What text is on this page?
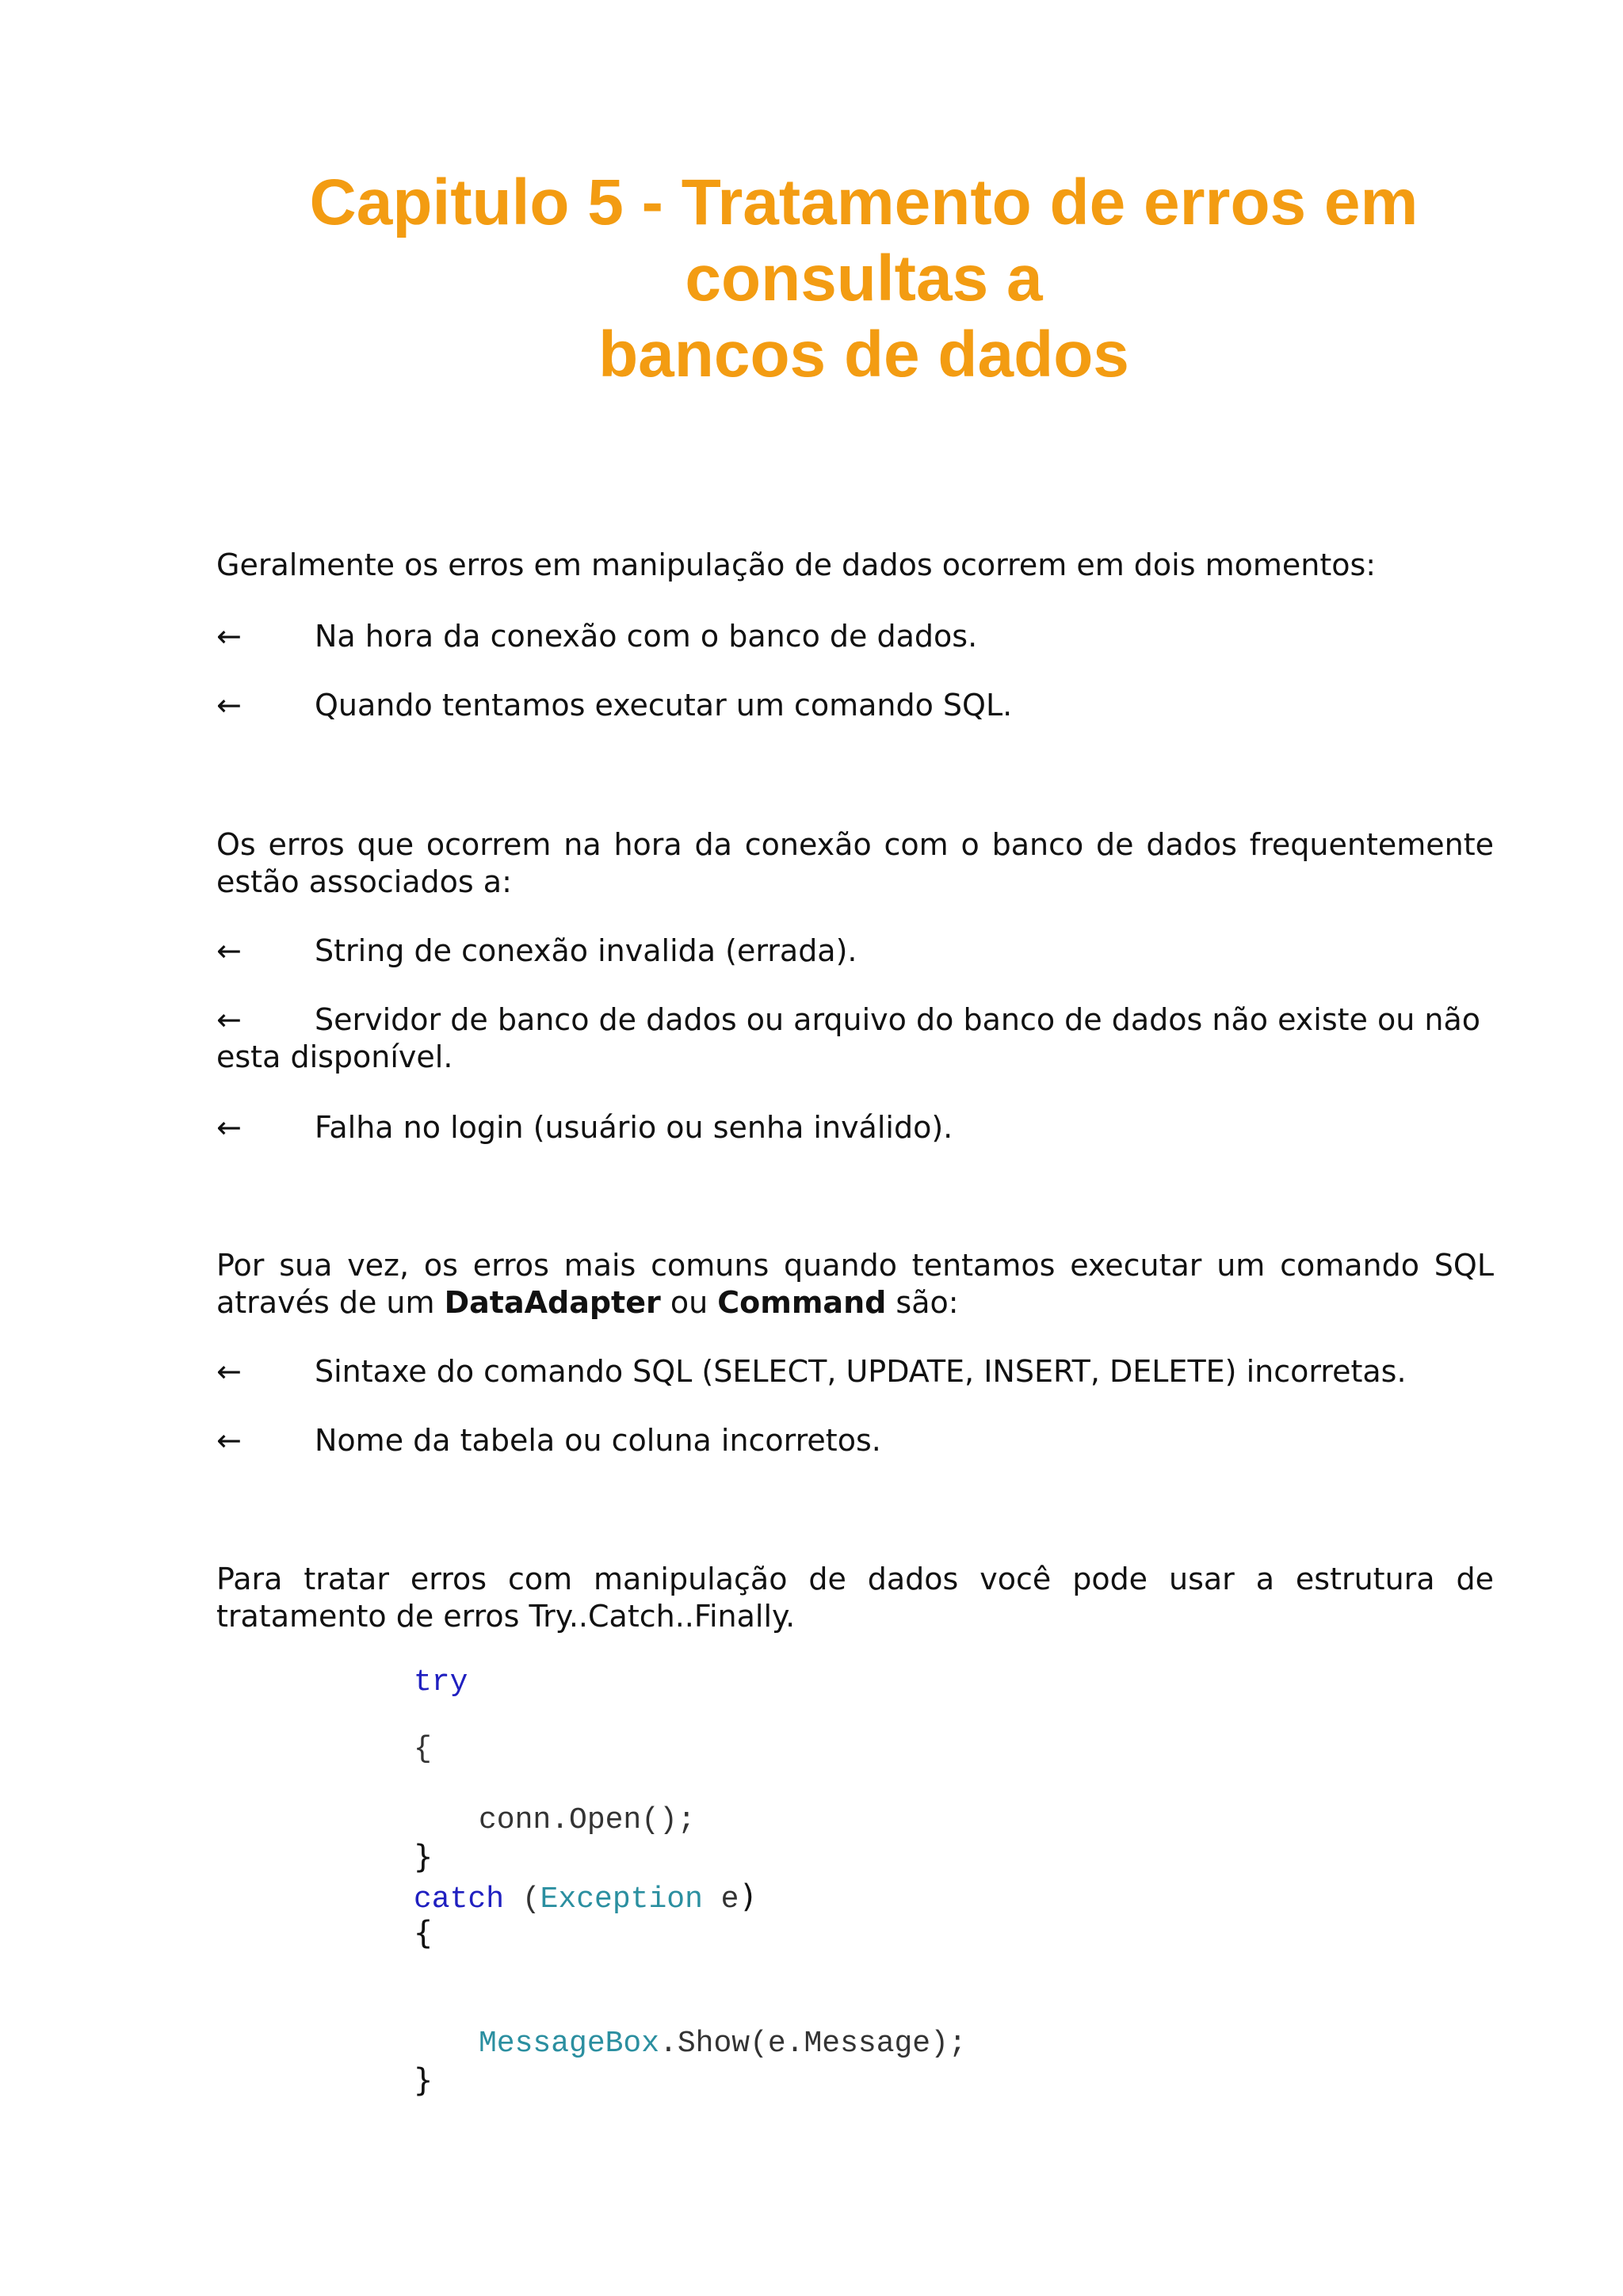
Capitulo 5 - Tratamento de erros em
consultas a
bancos de dados

Geralmente os erros em manipulação de dados ocorrem em dois momentos:

← Na hora da conexão com o banco de dados.
← Quando tentamos executar um comando SQL.

Os erros que ocorrem na hora da conexão com o banco de dados frequentemente estão associados a:

← String de conexão invalida (errada).
← Servidor de banco de dados ou arquivo do banco de dados não existe ou não
esta disponível.
← Falha no login (usuário ou senha inválido).

Por sua vez, os erros mais comuns quando tentamos executar um comando SQL através de um DataAdapter ou Command são:

← Sintaxe do comando SQL (SELECT, UPDATE, INSERT, DELETE) incorretas.
← Nome da tabela ou coluna incorretos.

Para tratar erros com manipulação de dados você pode usar a estrutura de tratamento de erros Try..Catch..Finally.

try
{
conn.Open();
}
catch (Exception e)
{
MessageBox.Show(e.Message);
}
